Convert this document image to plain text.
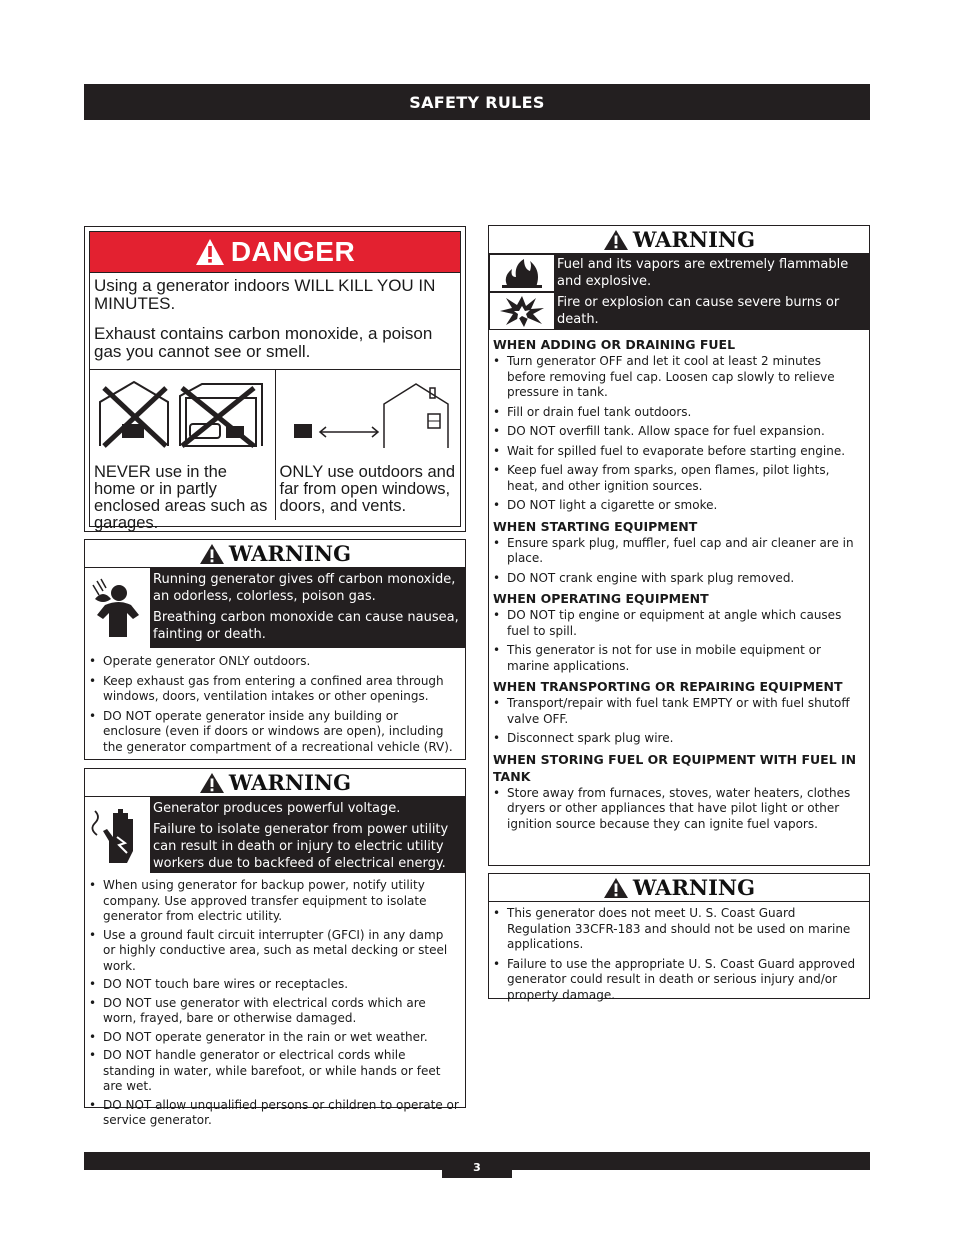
SAFETY RULES
DANGER

Using a generator indoors WILL KILL YOU IN MINUTES.

Exhaust contains carbon monoxide, a poison gas you cannot see or smell.

NEVER use in the home or in partly enclosed areas such as garages.
ONLY use outdoors and far from open windows, doors, and vents.
WARNING

Running generator gives off carbon monoxide, an odorless, colorless, poison gas.

Breathing carbon monoxide can cause nausea, fainting or death.

• Operate generator ONLY outdoors.
• Keep exhaust gas from entering a confined area through windows, doors, ventilation intakes or other openings.
• DO NOT operate generator inside any building or enclosure (even if doors or windows are open), including the generator compartment of a recreational vehicle (RV).
WARNING

Generator produces powerful voltage.

Failure to isolate generator from power utility can result in death or injury to electric utility workers due to backfeed of electrical energy.

• When using generator for backup power, notify utility company. Use approved transfer equipment to isolate generator from electric utility.
• Use a ground fault circuit interrupter (GFCI) in any damp or highly conductive area, such as metal decking or steel work.
• DO NOT touch bare wires or receptacles.
• DO NOT use generator with electrical cords which are worn, frayed, bare or otherwise damaged.
• DO NOT operate generator in the rain or wet weather.
• DO NOT handle generator or electrical cords while standing in water, while barefoot, or while hands or feet are wet.
• DO NOT allow unqualified persons or children to operate or service generator.
WARNING
Fuel and its vapors are extremely flammable and explosive.
Fire or explosion can cause severe burns or death.
WHEN ADDING OR DRAINING FUEL
• Turn generator OFF and let it cool at least 2 minutes before removing fuel cap. Loosen cap slowly to relieve pressure in tank.
• Fill or drain fuel tank outdoors.
• DO NOT overfill tank. Allow space for fuel expansion.
• Wait for spilled fuel to evaporate before starting engine.
• Keep fuel away from sparks, open flames, pilot lights, heat, and other ignition sources.
• DO NOT light a cigarette or smoke.
WHEN STARTING EQUIPMENT
• Ensure spark plug, muffler, fuel cap and air cleaner are in place.
• DO NOT crank engine with spark plug removed.
WHEN OPERATING EQUIPMENT
• DO NOT tip engine or equipment at angle which causes fuel to spill.
• This generator is not for use in mobile equipment or marine applications.
WHEN TRANSPORTING OR REPAIRING EQUIPMENT
• Transport/repair with fuel tank EMPTY or with fuel shutoff valve OFF.
• Disconnect spark plug wire.
WHEN STORING FUEL OR EQUIPMENT WITH FUEL IN TANK
• Store away from furnaces, stoves, water heaters, clothes dryers or other appliances that have pilot light or other ignition source because they can ignite fuel vapors.
WARNING
• This generator does not meet U. S. Coast Guard Regulation 33CFR-183 and should not be used on marine applications.
• Failure to use the appropriate U. S. Coast Guard approved generator could result in death or serious injury and/or property damage.
3
